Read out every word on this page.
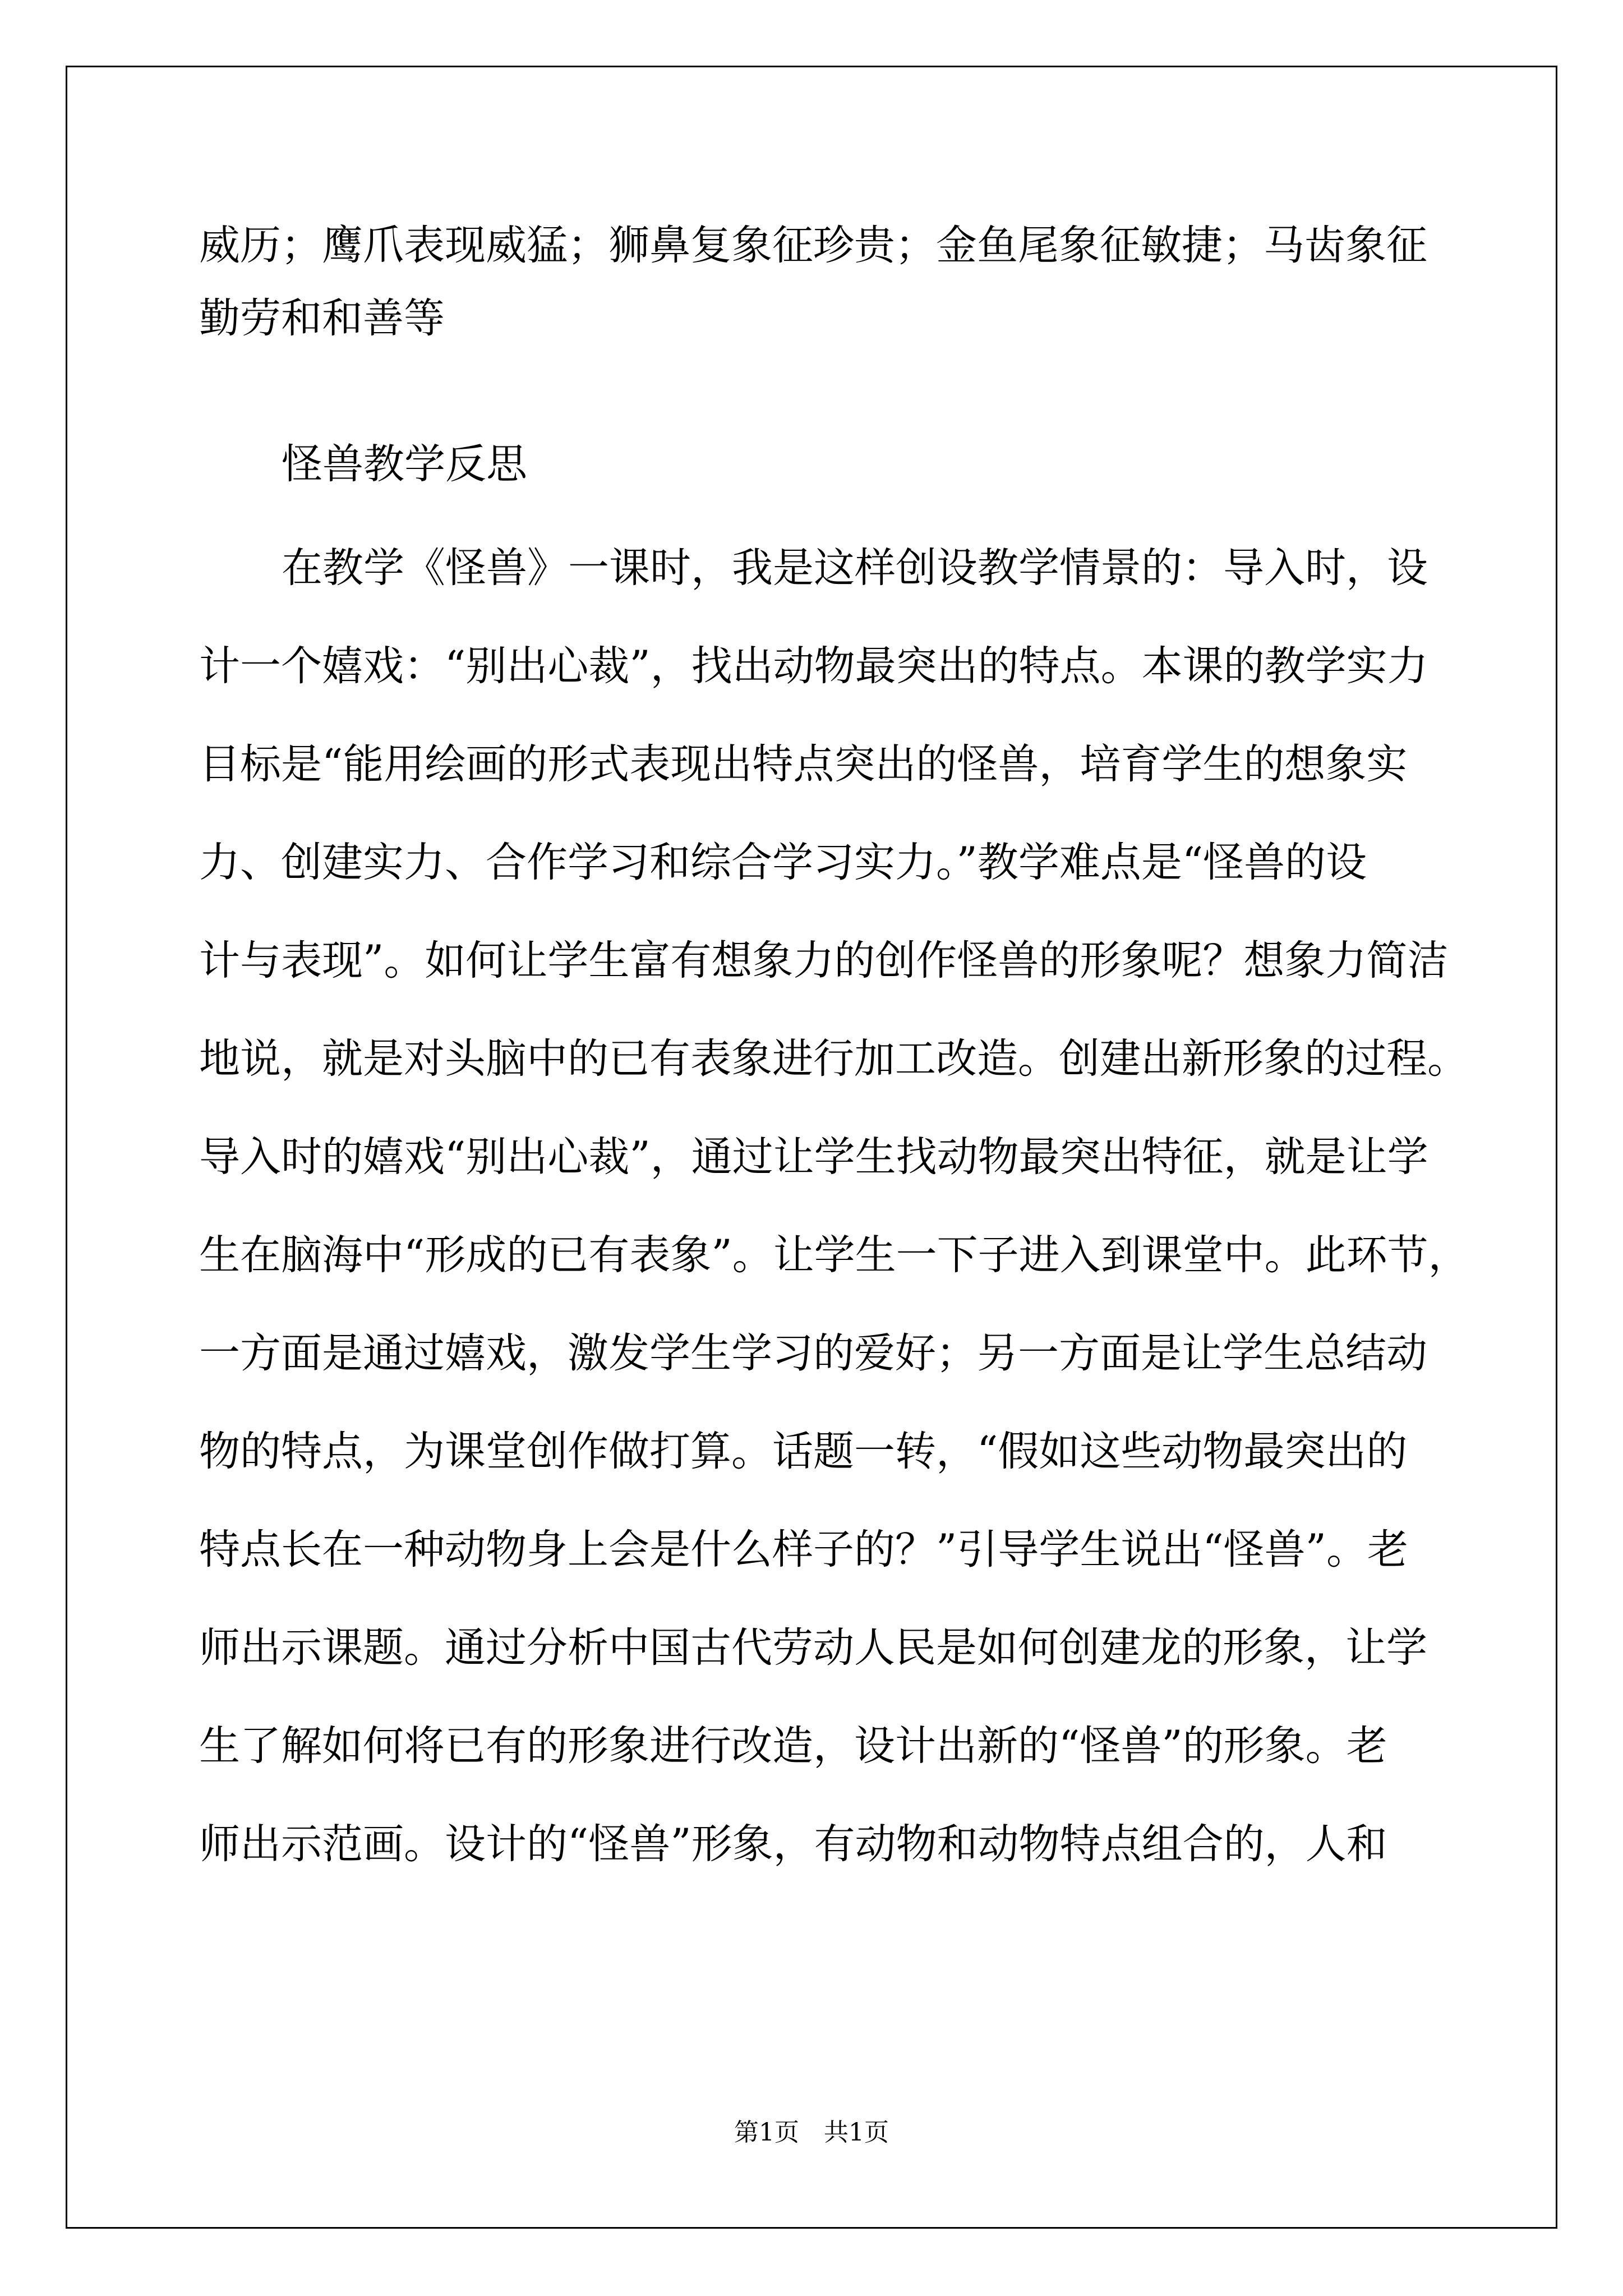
威历；鹰爪表现威猛；狮鼻复象征珍贵；金鱼尾象征敏捷；马齿象征
勤劳和和善等
怪兽教学反思
在教学《怪兽》一课时，我是这样创设教学情景的：导入时，设
计一个嬉戏：“别出心裁”，找出动物最突出的特点。本课的教学实力
目标是“能用绘画的形式表现出特点突出的怪兽，培育学生的想象实
力、创建实力、合作学习和综合学习实力。”教学难点是“怪兽的设
计与表现”。如何让学生富有想象力的创作怪兽的形象呢？想象力简洁
地说，就是对头脑中的已有表象进行加工改造。创建出新形象的过程。
导入时的嬉戏“别出心裁”，通过让学生找动物最突出特征，就是让学
生在脑海中“形成的已有表象”。让学生一下子进入到课堂中。此环节，
一方面是通过嬉戏，激发学生学习的爱好；另一方面是让学生总结动
物的特点，为课堂创作做打算。话题一转，“假如这些动物最突出的
特点长在一种动物身上会是什么样子的？”引导学生说出“怪兽”。老
师出示课题。通过分析中国古代劳动人民是如何创建龙的形象，让学
生了解如何将已有的形象进行改造，设计出新的“怪兽”的形象。老
师出示范画。设计的“怪兽”形象，有动物和动物特点组合的，人和
第1页　共1页
